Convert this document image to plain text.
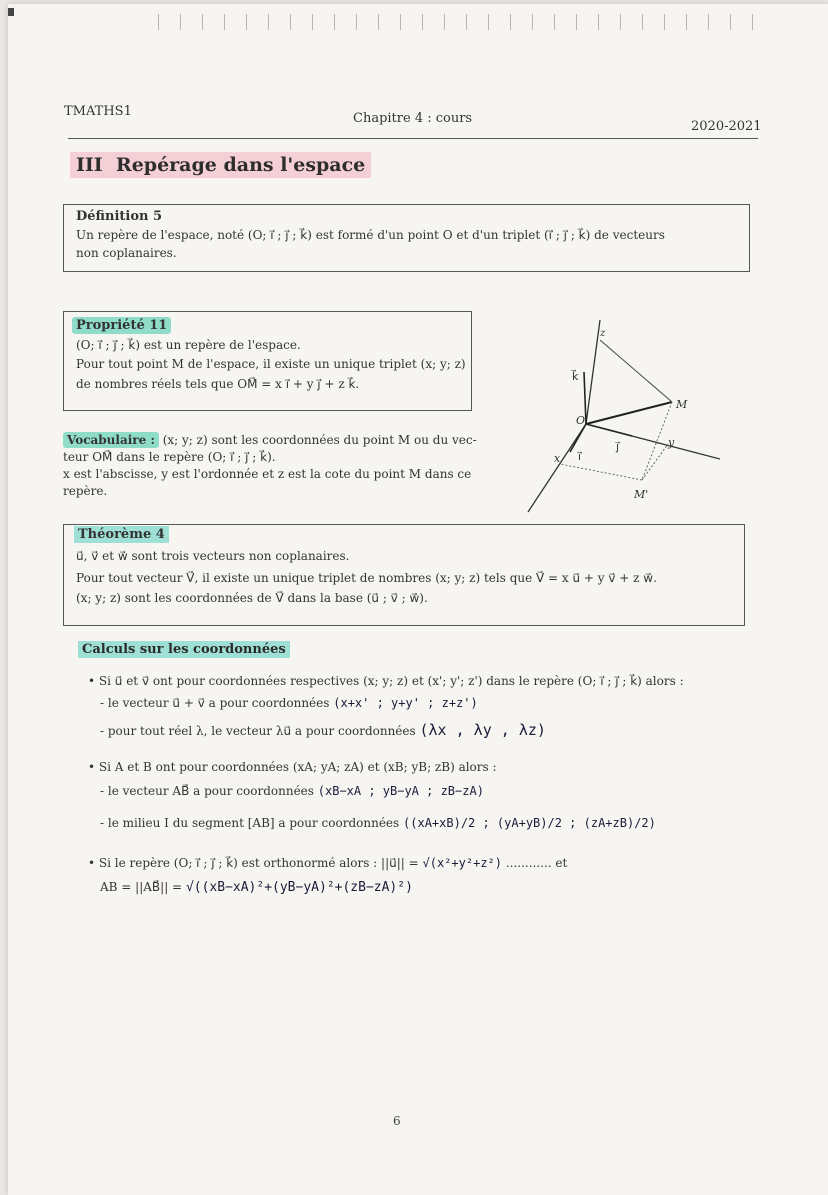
TMATHS1	Chapitre 4 : cours
2020-2021
III Repérage dans l'espace
Définition 5
Un repère de l'espace, noté (O; i⃗ ; j⃗ ; k⃗) est formé d'un point O et d'un triplet (i⃗ ; j⃗ ; k⃗) de vecteurs
non coplanaires.
Propriété 11
(O; i⃗ ; j⃗ ; k⃗) est un repère de l'espace.
Pour tout point M de l'espace, il existe un unique triplet (x; y; z)
de nombres réels tels que OM⃗ = x i⃗ + y j⃗ + z k⃗.
Vocabulaire : (x; y; z) sont les coordonnées du point M ou du vec-
teur OM⃗ dans le repère (O; i⃗ ; j⃗ ; k⃗).
x est l'abscisse, y est l'ordonnée et z est la cote du point M dans ce
repère.
z
k⃗
M
O
y
x i⃗
j⃗
M'
Théorème 4
u⃗, v⃗ et w⃗ sont trois vecteurs non coplanaires.
Pour tout vecteur V⃗, il existe un unique triplet de nombres (x; y; z) tels que V⃗ = x u⃗ + y v⃗ + z w⃗.
(x; y; z) sont les coordonnées de V⃗ dans la base (u⃗ ; v⃗ ; w⃗).
Calculs sur les coordonnées
• Si u⃗ et v⃗ ont pour coordonnées respectives (x; y; z) et (x'; y'; z') dans le repère (O; i⃗ ; j⃗ ; k⃗) alors :
- le vecteur u⃗ + v⃗ a pour coordonnées (x+x' ; y+y' ; z+z')
- pour tout réel λ, le vecteur λu⃗ a pour coordonnées (λx , λy , λz)
• Si A et B ont pour coordonnées (xA; yA; zA) et (xB; yB; zB) alors :
- le vecteur AB⃗ a pour coordonnées (xB−xA ; yB−yA ; zB−zA)
- le milieu I du segment [AB] a pour coordonnées ((xA+xB)/2 ; (yA+yB)/2 ; (zA+zB)/2)
• Si le repère (O; i⃗ ; j⃗ ; k⃗) est orthonormé alors : ||u⃗|| = √(x²+y²+z²) ............ et
AB = ||AB⃗|| = √((xB−xA)²+(yB−yA)²+(zB−zA)²)
6
